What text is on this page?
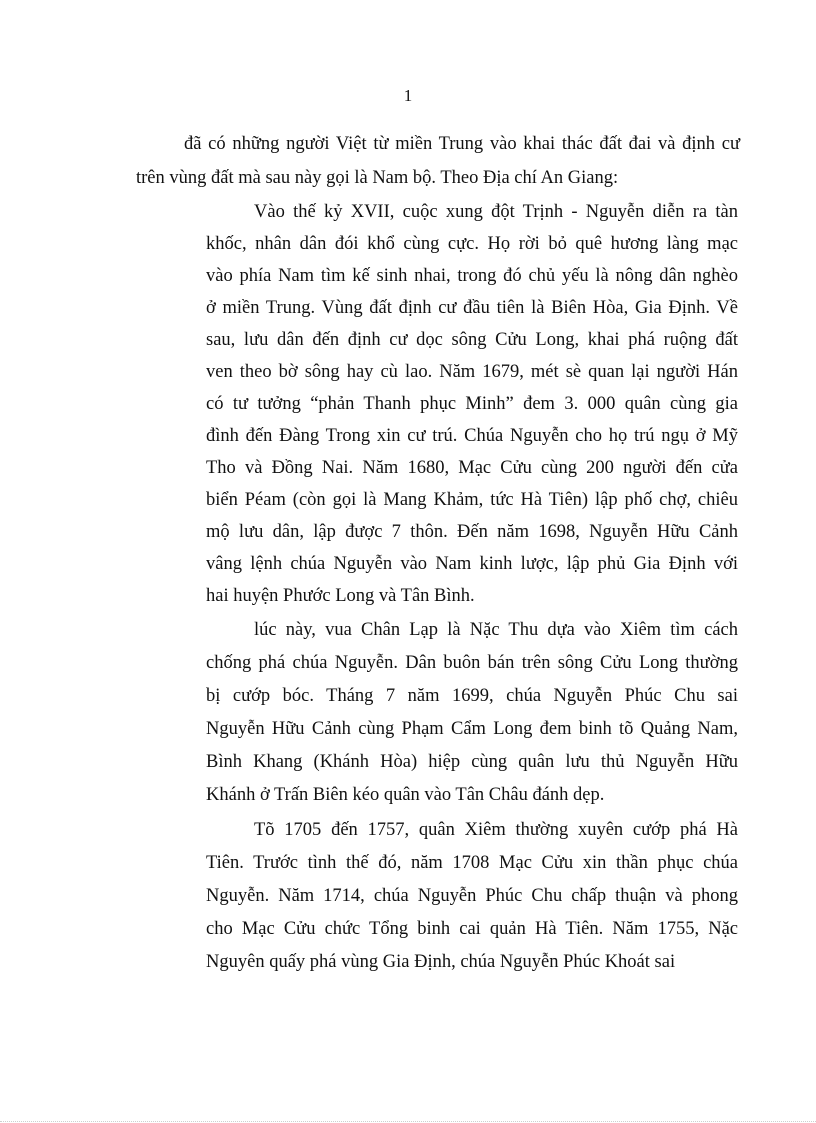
1

đã có những người Việt từ miền Trung vào khai thác đất đai và định cư

trên vùng đất mà sau này gọi là Nam bộ. Theo Địa chí An Giang:

Vào thế kỷ XVII, cuộc xung đột Trịnh - Nguyễn diễn ra tàn

khốc, nhân dân đói khổ cùng cực. Họ rời bỏ quê hương làng mạc

vào phía Nam tìm kế sinh nhai, trong đó chủ yếu là nông dân nghèo

ở miền Trung. Vùng đất định cư đầu tiên là Biên Hòa, Gia Định. Về

sau, lưu dân đến định cư dọc sông Cửu Long, khai phá ruộng đất

ven theo bờ sông hay cù lao. Năm 1679, mét sè quan lại người Hán

có tư tưởng “phản Thanh phục Minh” đem 3. 000 quân cùng gia

đình đến Đàng Trong xin cư trú. Chúa Nguyễn cho họ trú ngụ ở Mỹ

Tho và Đồng Nai. Năm 1680, Mạc Cửu cùng 200 người đến cửa

biển Péam (còn gọi là Mang Khảm, tức Hà Tiên) lập phố chợ, chiêu

mộ lưu dân, lập được 7 thôn. Đến năm 1698, Nguyễn Hữu Cảnh

vâng lệnh chúa Nguyễn vào Nam kinh lược, lập phủ Gia Định với

hai huyện Phước Long và Tân Bình.

lúc này, vua Chân Lạp là Nặc Thu dựa vào Xiêm tìm cách

chống phá chúa Nguyễn. Dân buôn bán trên sông Cửu Long thường

bị cướp bóc. Tháng 7 năm 1699, chúa Nguyễn Phúc Chu sai

Nguyễn Hữu Cảnh cùng Phạm Cẩm Long đem binh tõ Quảng Nam,

Bình Khang (Khánh Hòa) hiệp cùng quân lưu thủ Nguyễn Hữu

Khánh ở Trấn Biên kéo quân vào Tân Châu đánh dẹp.

Tõ 1705 đến 1757, quân Xiêm thường xuyên cướp phá Hà

Tiên. Trước tình thế đó, năm 1708 Mạc Cửu xin thần phục chúa

Nguyễn. Năm 1714, chúa Nguyễn Phúc Chu chấp thuận và phong

cho Mạc Cửu chức Tổng binh cai quản Hà Tiên. Năm 1755, Nặc

Nguyên quấy phá vùng Gia Định, chúa Nguyễn Phúc Khoát sai
